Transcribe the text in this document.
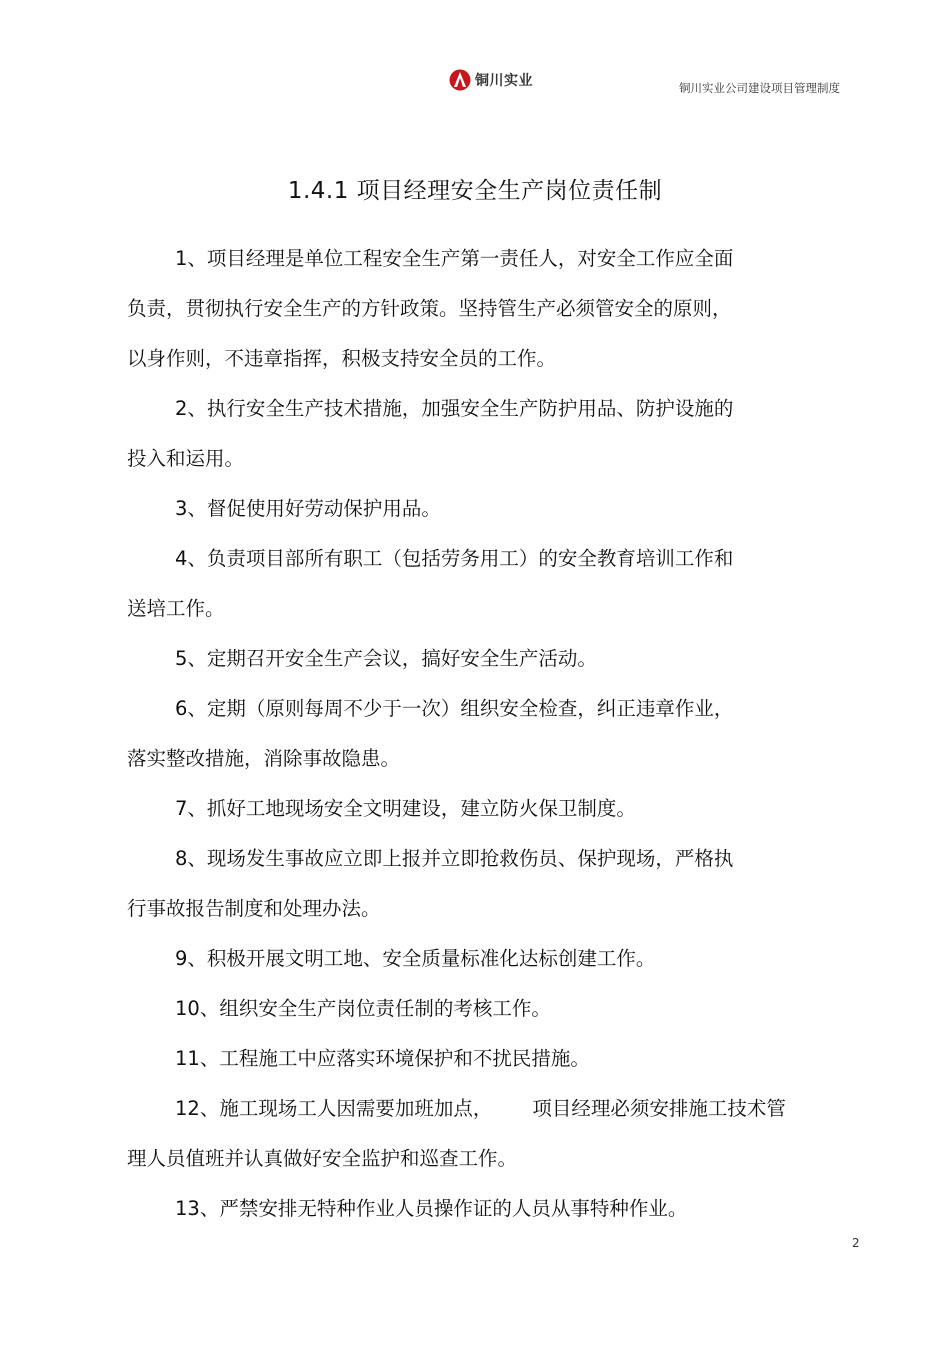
铜川实业	铜川实业公司建设项目管理制度
1.4.1 项目经理安全生产岗位责任制
1、项目经理是单位工程安全生产第一责任人，对安全工作应全面
负责，贯彻执行安全生产的方针政策。坚持管生产必须管安全的原则，
以身作则，不违章指挥，积极支持安全员的工作。
2、执行安全生产技术措施，加强安全生产防护用品、防护设施的
投入和运用。
3、督促使用好劳动保护用品。
4、负责项目部所有职工（包括劳务用工）的安全教育培训工作和
送培工作。
5、定期召开安全生产会议，搞好安全生产活动。
6、定期（原则每周不少于一次）组织安全检查，纠正违章作业，
落实整改措施，消除事故隐患。
7、抓好工地现场安全文明建设，建立防火保卫制度。
8、现场发生事故应立即上报并立即抢救伤员、保护现场，严格执
行事故报告制度和处理办法。
9、积极开展文明工地、安全质量标准化达标创建工作。
10、组织安全生产岗位责任制的考核工作。
11、工程施工中应落实环境保护和不扰民措施。
12、施工现场工人因需要加班加点， 项目经理必须安排施工技术管
理人员值班并认真做好安全监护和巡查工作。
13、严禁安排无特种作业人员操作证的人员从事特种作业。
2
